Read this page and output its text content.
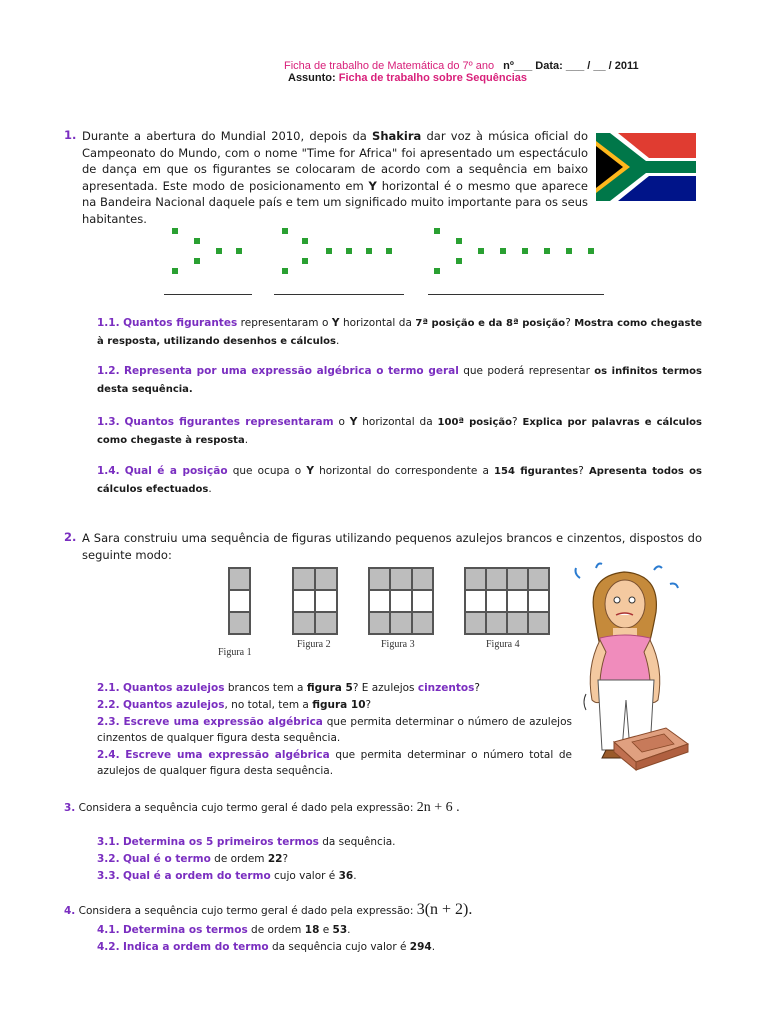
Ficha de trabalho de Matemática do 7º ano nº___ Data: ___ / __ / 2011

Assunto: Ficha de trabalho sobre Sequências

1. Durante a abertura do Mundial 2010, depois da Shakira dar voz à música oficial do Campeonato do Mundo, com o nome "Time for Africa" foi apresentado um espectáculo de dança em que os figurantes se colocaram de acordo com a sequência em baixo apresentada. Este modo de posicionamento em Y horizontal é o mesmo que aparece na Bandeira Nacional daquele país e tem um significado muito importante para os seus habitantes.

1.1. Quantos figurantes representaram o Y horizontal da 7ª posição e da 8ª posição? Mostra como chegaste à resposta, utilizando desenhos e cálculos.

1.2. Representa por uma expressão algébrica o termo geral que poderá representar os infinitos termos desta sequência.

1.3. Quantos figurantes representaram o Y horizontal da 100ª posição? Explica por palavras e cálculos como chegaste à resposta.

1.4. Qual é a posição que ocupa o Y horizontal do correspondente a 154 figurantes? Apresenta todos os cálculos efectuados.

2. A Sara construiu uma sequência de figuras utilizando pequenos azulejos brancos e cinzentos, dispostos do seguinte modo:

Figura 1
Figura 2	Figura 3	Figura 4

2.1. Quantos azulejos brancos tem a figura 5? E azulejos cinzentos?

2.2. Quantos azulejos, no total, tem a figura 10?

2.3. Escreve uma expressão algébrica que permita determinar o número de azulejos cinzentos de qualquer figura desta sequência.

2.4. Escreve uma expressão algébrica que permita determinar o número total de azulejos de qualquer figura desta sequência.

3. Considera a sequência cujo termo geral é dado pela expressão: 2n + 6 .

3.1. Determina os 5 primeiros termos da sequência.

3.2. Qual é o termo de ordem 22?

3.3. Qual é a ordem do termo cujo valor é 36.

4. Considera a sequência cujo termo geral é dado pela expressão: 3(n + 2).

4.1. Determina os termos de ordem 18 e 53.

4.2. Indica a ordem do termo da sequência cujo valor é 294.
